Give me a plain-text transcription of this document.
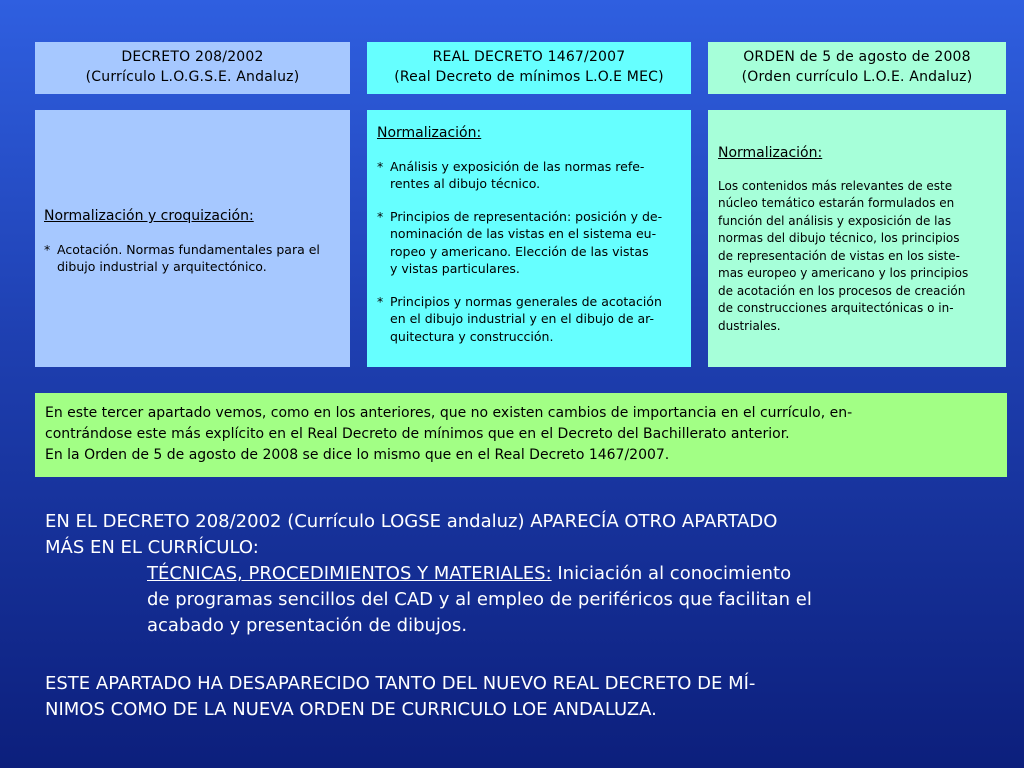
DECRETO 208/2002
(Currículo L.O.G.S.E. Andaluz)
REAL DECRETO 1467/2007
(Real Decreto de mínimos L.O.E MEC)
ORDEN de 5 de agosto de 2008
(Orden currículo L.O.E. Andaluz)
Normalización y croquización:
* Acotación. Normas fundamentales para el
dibujo industrial y arquitectónico.
Normalización:
* Análisis y exposición de las normas refe-
rentes al dibujo técnico.
* Principios de representación: posición y de-
nominación de las vistas en el sistema eu-
ropeo y americano. Elección de las vistas
y vistas particulares.
* Principios y normas generales de acotación
en el dibujo industrial y en el dibujo de ar-
quitectura y construcción.
Normalización:
Los contenidos más relevantes de este
núcleo temático estarán formulados en
función del análisis y exposición de las
normas del dibujo técnico, los principios
de representación de vistas en los siste-
mas europeo y americano y los principios
de acotación en los procesos de creación
de construcciones arquitectónicas o in-
dustriales.
En este tercer apartado vemos, como en los anteriores, que no existen cambios de importancia en el currículo, en-
contrándose este más explícito en el Real Decreto de mínimos que en el Decreto del Bachillerato anterior.
En la Orden de 5 de agosto de 2008 se dice lo mismo que en el Real Decreto 1467/2007.
EN EL DECRETO 208/2002 (Currículo LOGSE andaluz) APARECÍA OTRO APARTADO
MÁS EN EL CURRÍCULO:
TÉCNICAS, PROCEDIMIENTOS Y MATERIALES: Iniciación al conocimiento
de programas sencillos del CAD y al empleo de periféricos que facilitan el
acabado y presentación de dibujos.
ESTE APARTADO HA DESAPARECIDO TANTO DEL NUEVO REAL DECRETO DE MÍ-
NIMOS COMO DE LA NUEVA ORDEN DE CURRICULO LOE ANDALUZA.
